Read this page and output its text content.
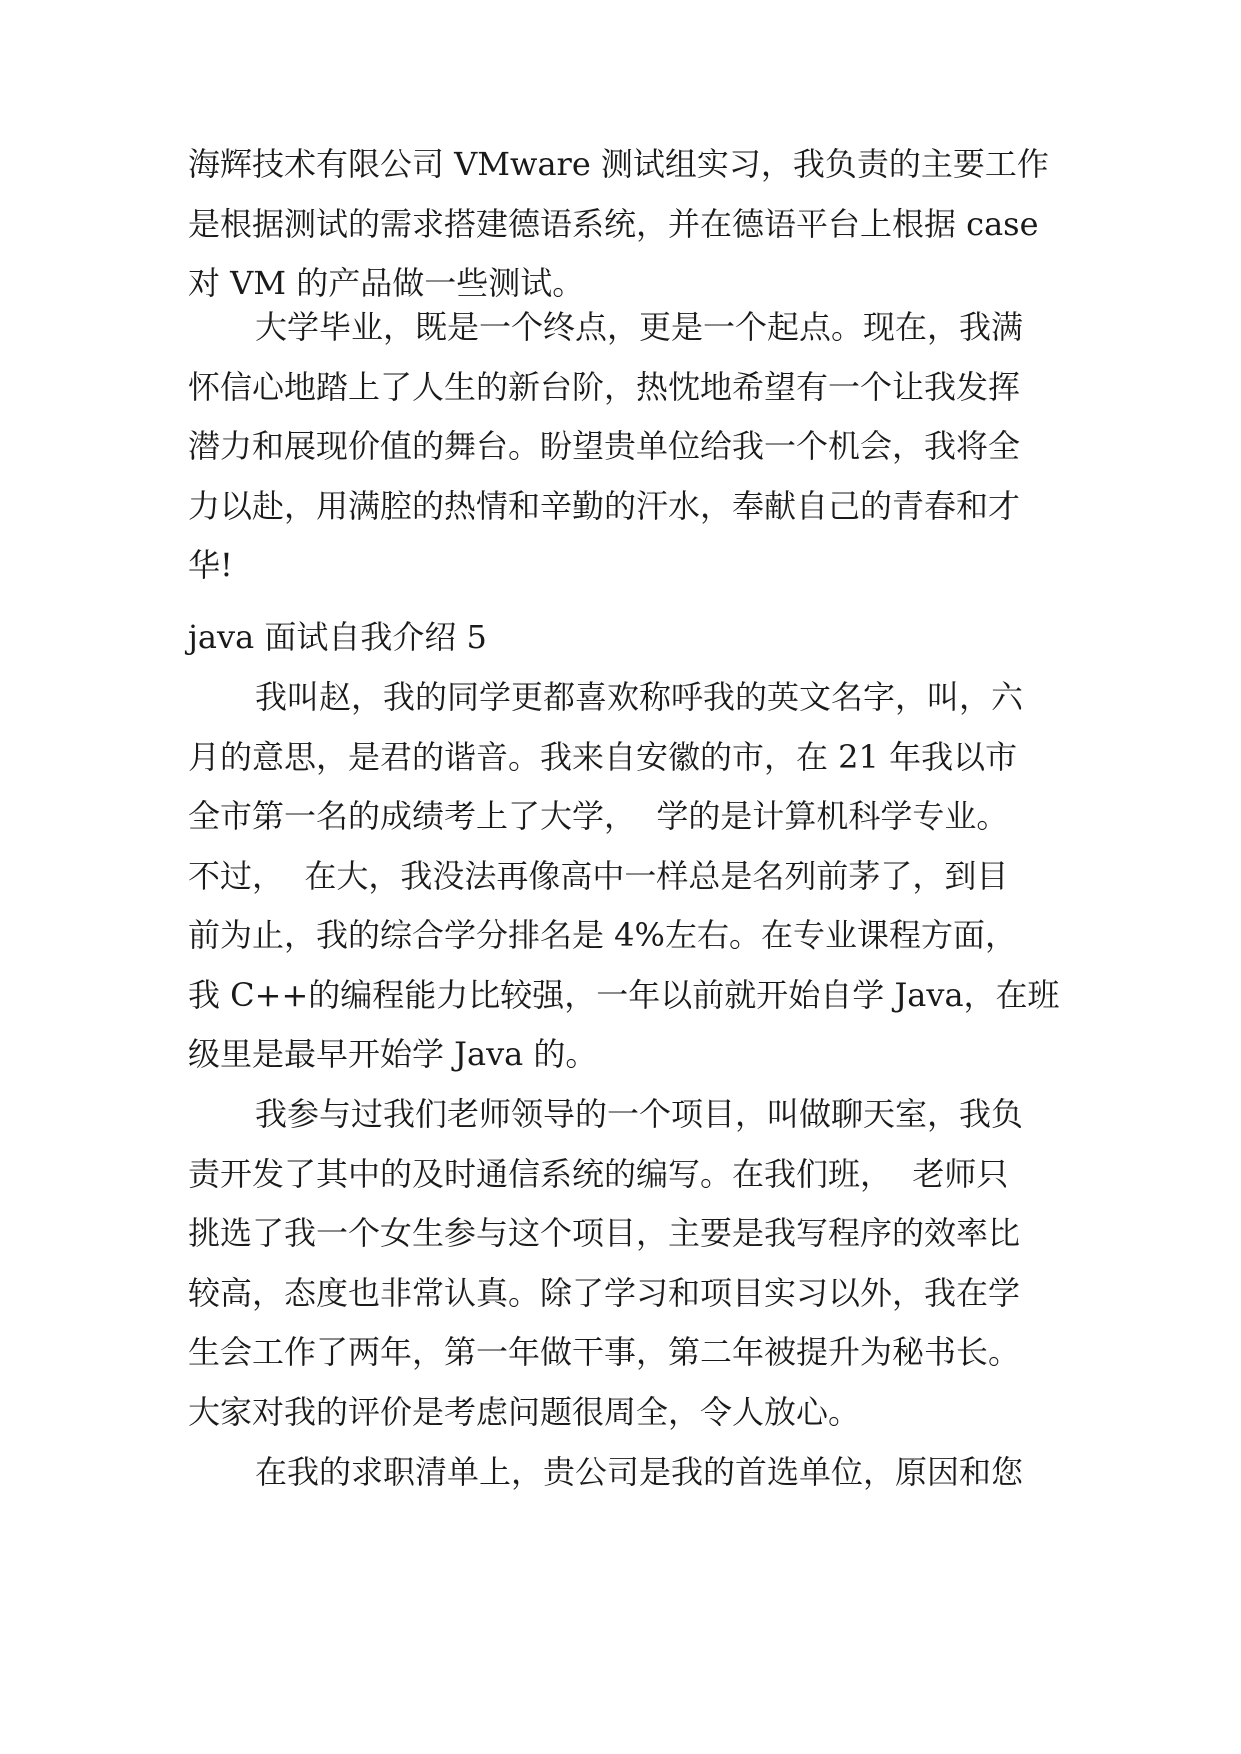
海辉技术有限公司 VMware 测试组实习，我负责的主要工作
是根据测试的需求搭建德语系统，并在德语平台上根据 case
对 VM 的产品做一些测试。
大学毕业，既是一个终点，更是一个起点。现在，我满
怀信心地踏上了人生的新台阶，热忱地希望有一个让我发挥
潜力和展现价值的舞台。盼望贵单位给我一个机会，我将全
力以赴，用满腔的热情和辛勤的汗水，奉献自己的青春和才
华!
java 面试自我介绍 5
我叫赵，我的同学更都喜欢称呼我的英文名字，叫，六
月的意思，是君的谐音。我来自安徽的市，在 21 年我以市
全市第一名的成绩考上了大学，  学的是计算机科学专业。
不过，  在大，我没法再像高中一样总是名列前茅了，到目
前为止，我的综合学分排名是 4%左右。在专业课程方面，
我 C++的编程能力比较强，一年以前就开始自学 Java，在班
级里是最早开始学 Java 的。
我参与过我们老师领导的一个项目，叫做聊天室，我负
责开发了其中的及时通信系统的编写。在我们班，  老师只
挑选了我一个女生参与这个项目，主要是我写程序的效率比
较高，态度也非常认真。除了学习和项目实习以外，我在学
生会工作了两年，第一年做干事，第二年被提升为秘书长。
大家对我的评价是考虑问题很周全，令人放心。
在我的求职清单上，贵公司是我的首选单位，原因和您
